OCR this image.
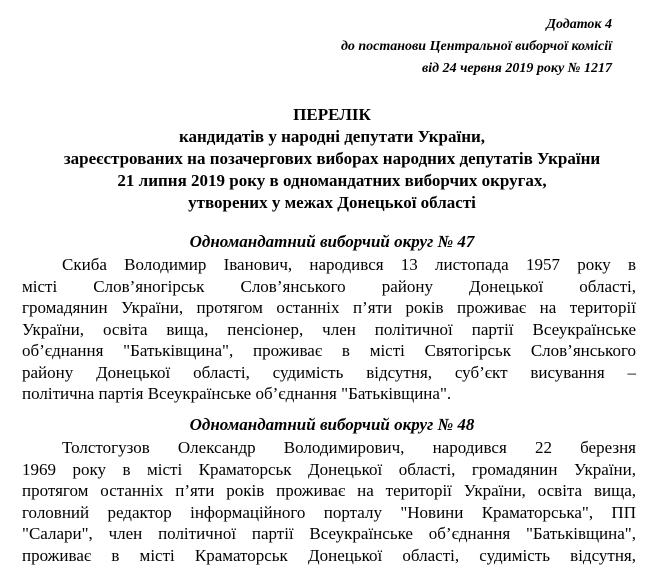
Додаток 4
до постанови Центральної виборчої комісії
від 24 червня 2019 року № 1217
ПЕРЕЛІК
кандидатів у народні депутати України,
зареєстрованих на позачергових виборах народних депутатів України
21 липня 2019 року в одномандатних виборчих округах,
утворених у межах Донецької області
Одномандатний виборчий округ № 47
Скиба Володимир Іванович, народився 13 листопада 1957 року в
місті Слов’яногірськ Слов’янського району Донецької області,
громадянин України, протягом останніх п’яти років проживає на території
України, освіта вища, пенсіонер, член політичної партії Всеукраїнське
об’єднання "Батьківщина", проживає в місті Святогірськ Слов’янського
району Донецької області, судимість відсутня, суб’єкт висування –
політична партія Всеукраїнське об’єднання "Батьківщина".
Одномандатний виборчий округ № 48
Толстогузов Олександр Володимирович, народився 22 березня
1969 року в місті Краматорськ Донецької області, громадянин України,
протягом останніх п’яти років проживає на території України, освіта вища,
головний редактор інформаційного порталу "Новини Краматорська", ПП
"Салари", член політичної партії Всеукраїнське об’єднання "Батьківщина",
проживає в місті Краматорськ Донецької області, судимість відсутня,
